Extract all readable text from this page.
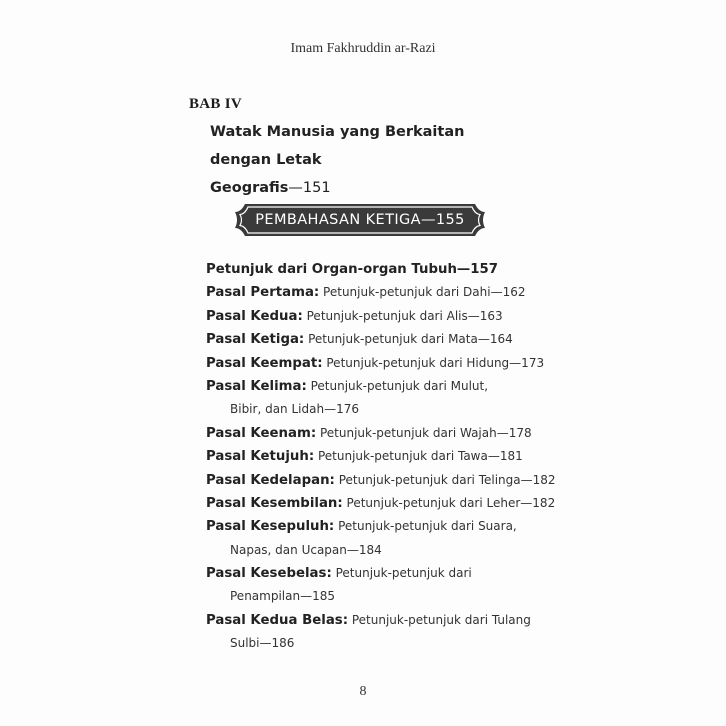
Imam Fakhruddin ar-Razi
BAB IV
Watak Manusia yang Berkaitan dengan Letak
Geografis—151
PEMBAHASAN KETIGA—155
Petunjuk dari Organ-organ Tubuh—157
Pasal Pertama: Petunjuk-petunjuk dari Dahi—162
Pasal Kedua: Petunjuk-petunjuk dari Alis—163
Pasal Ketiga: Petunjuk-petunjuk dari Mata—164
Pasal Keempat: Petunjuk-petunjuk dari Hidung—173
Pasal Kelima: Petunjuk-petunjuk dari Mulut,
Bibir, dan Lidah—176
Pasal Keenam: Petunjuk-petunjuk dari Wajah—178
Pasal Ketujuh: Petunjuk-petunjuk dari Tawa—181
Pasal Kedelapan: Petunjuk-petunjuk dari Telinga—182
Pasal Kesembilan: Petunjuk-petunjuk dari Leher—182
Pasal Kesepuluh: Petunjuk-petunjuk dari Suara,
Napas, dan Ucapan—184
Pasal Kesebelas: Petunjuk-petunjuk dari
Penampilan—185
Pasal Kedua Belas: Petunjuk-petunjuk dari Tulang
Sulbi—186
8
